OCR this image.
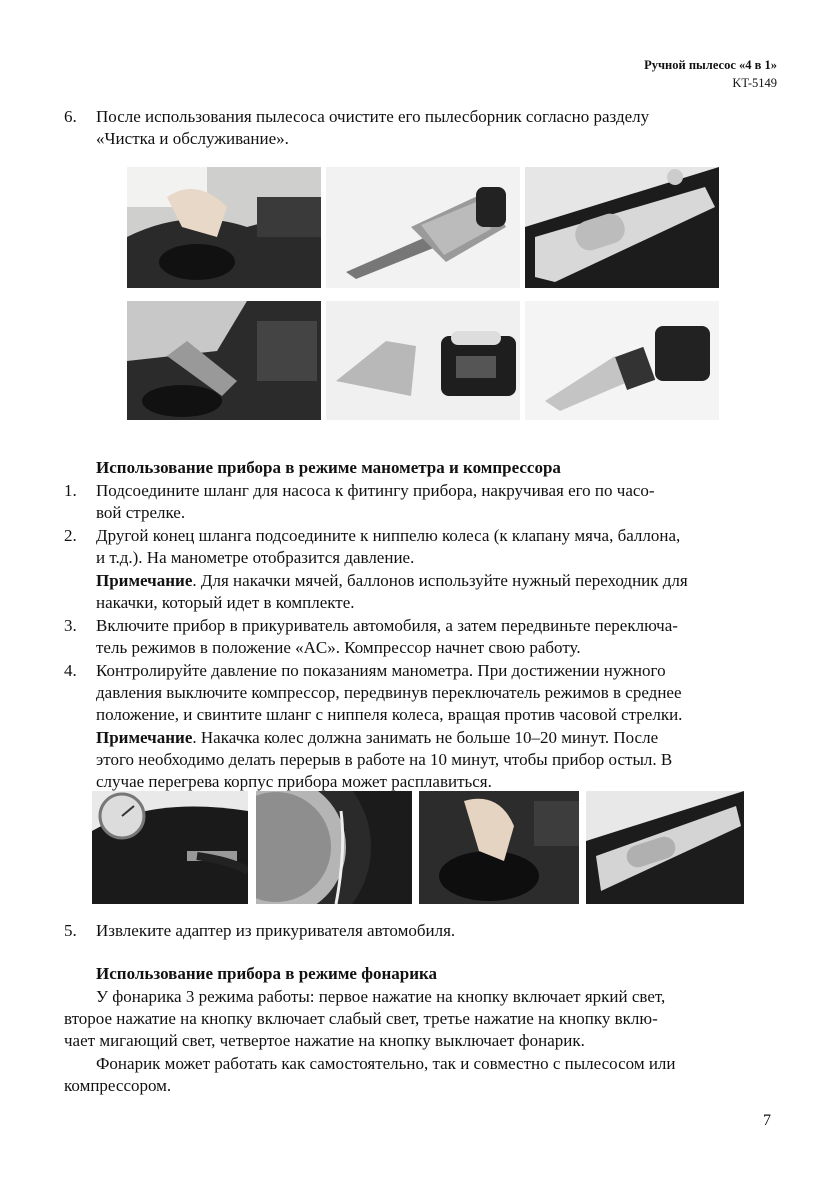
Ручной пылесос «4 в 1»
KT-5149
6. После использования пылесоса очистите его пылесборник согласно разделу
«Чистка и обслуживание».
Использование прибора в режиме манометра и компрессора
1. Подсоедините шланг для насоса к фитингу прибора, накручивая его по часо-
вой стрелке.
2. Другой конец шланга подсоедините к ниппелю колеса (к клапану мяча, баллона,
и т.д.). На манометре отобразится давление.
Примечание. Для накачки мячей, баллонов используйте нужный переходник для
накачки, который идет в комплекте.
3. Включите прибор в прикуриватель автомобиля, а затем передвиньте переключа-
тель режимов в положение «AC». Компрессор начнет свою работу.
4. Контролируйте давление по показаниям манометра. При достижении нужного
давления выключите компрессор, передвинув переключатель режимов в среднее
положение, и свинтите шланг с ниппеля колеса, вращая против часовой стрелки.
Примечание. Накачка колес должна занимать не больше 10–20 минут. После
этого необходимо делать перерыв в работе на 10 минут, чтобы прибор остыл. В
случае перегрева корпус прибора может расплавиться.
5. Извлеките адаптер из прикуривателя автомобиля.
Использование прибора в режиме фонарика
У фонарика 3 режима работы: первое нажатие на кнопку включает яркий свет,
второе нажатие на кнопку включает слабый свет, третье нажатие на кнопку вклю-
чает мигающий свет, четвертое нажатие на кнопку выключает фонарик.
Фонарик может работать как самостоятельно, так и совместно с пылесосом или
компрессором.
7
